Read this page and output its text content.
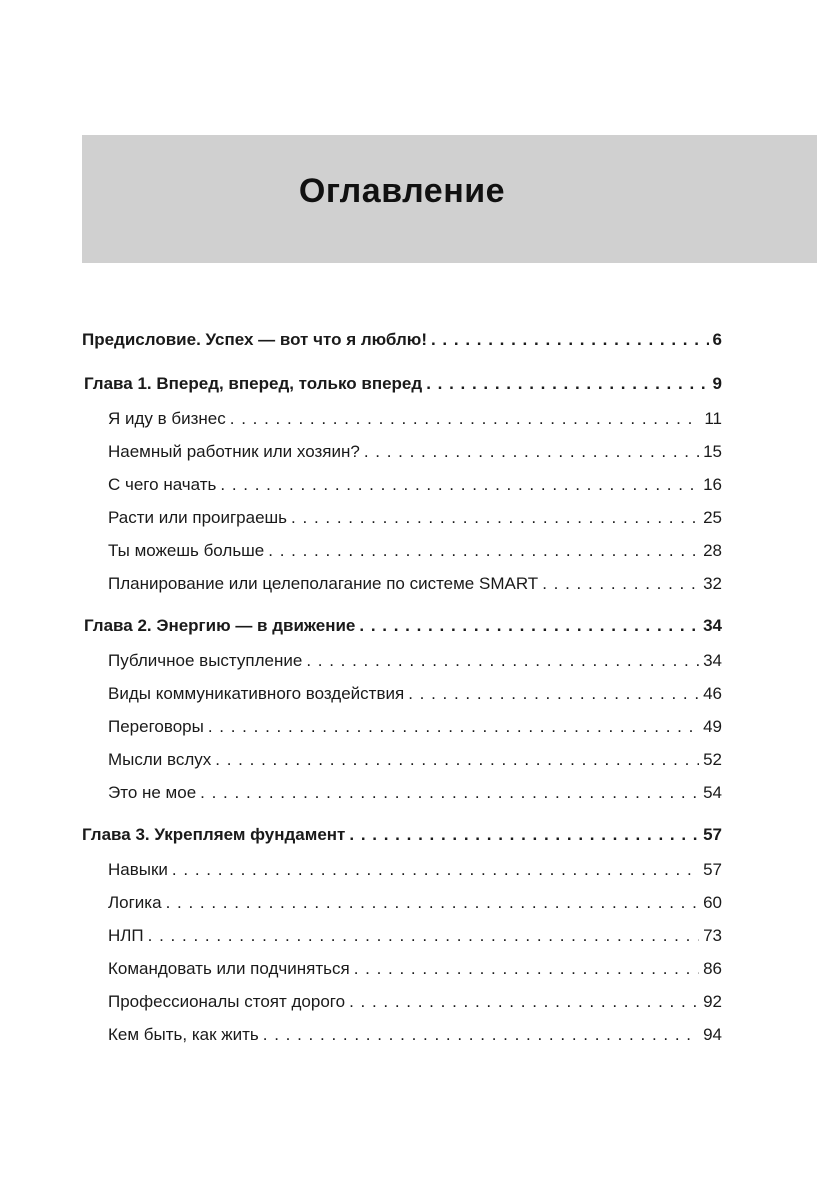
Оглавление
Предисловие. Успех — вот что я люблю! . . .	6
Глава 1. Вперед, вперед, только вперед . . .	9
Я иду в бизнес . . .	11
Наемный работник или хозяин? . . .	15
С чего начать . . .	16
Расти или проиграешь . . .	25
Ты можешь больше . . .	28
Планирование или целеполагание по системе SMART . . .	32
Глава 2. Энергию — в движение . . .	34
Публичное выступление . . .	34
Виды коммуникативного воздействия . . .	46
Переговоры . . .	49
Мысли вслух . . .	52
Это не мое . . .	54
Глава 3. Укрепляем фундамент . . .	57
Навыки . . .	57
Логика . . .	60
НЛП . . .	73
Командовать или подчиняться . . .	86
Профессионалы стоят дорого . . .	92
Кем быть, как жить . . .	94
